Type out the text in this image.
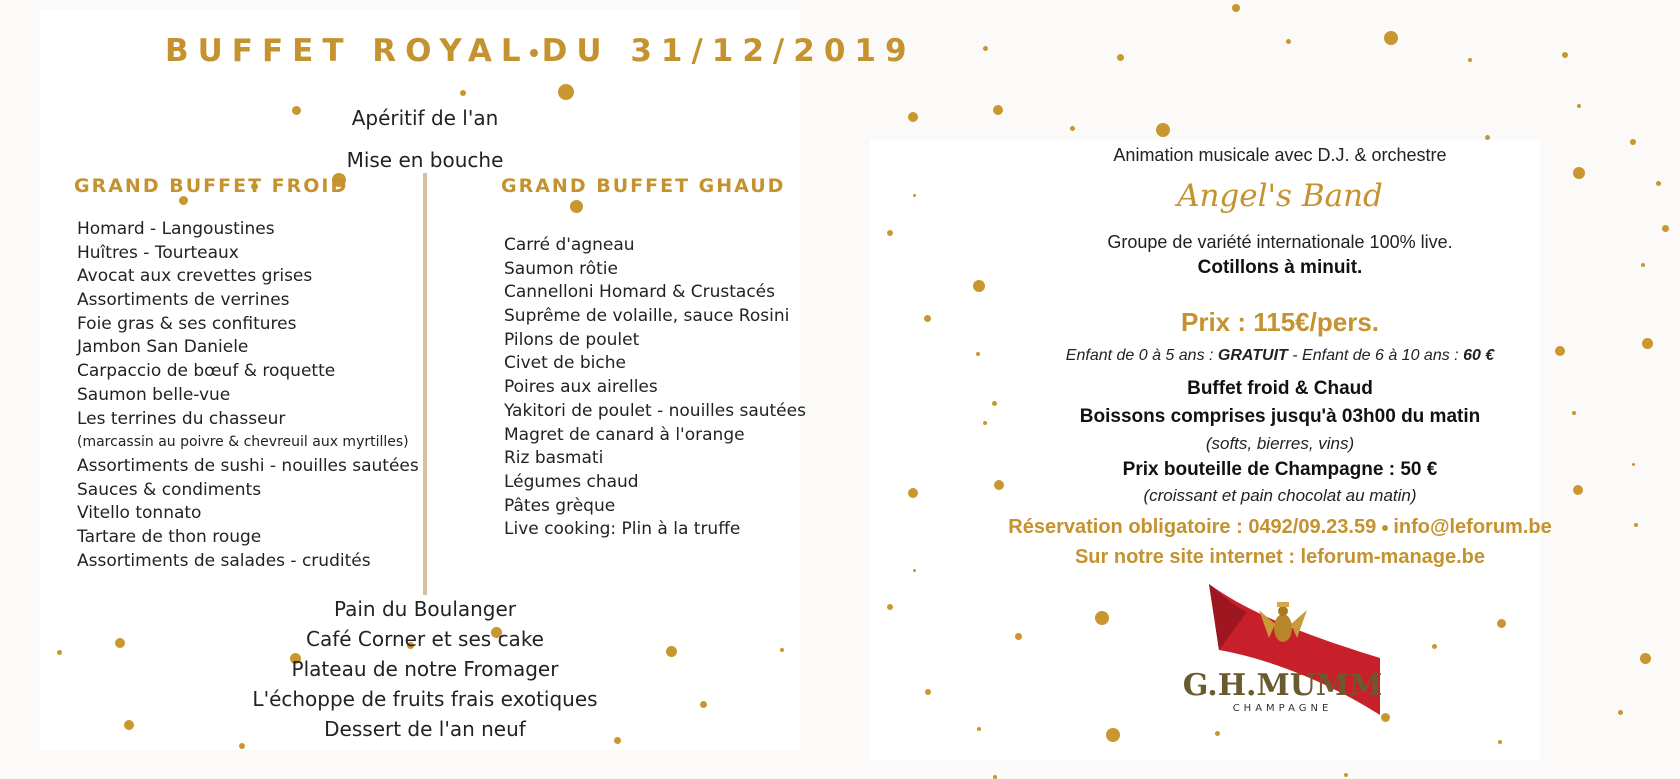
BUFFET ROYAL DU 31/12/2019
Apéritif de l'an
Mise en bouche
GRAND BUFFET FROID	GRAND BUFFET GHAUD
Homard - Langoustines
Huîtres - Tourteaux
Avocat aux crevettes grises
Assortiments de verrines
Foie gras & ses confitures
Jambon San Daniele
Carpaccio de bœuf & roquette
Saumon belle-vue
Les terrines du chasseur
(marcassin au poivre & chevreuil aux myrtilles)
Assortiments de sushi - nouilles sautées
Sauces & condiments
Vitello tonnato
Tartare de thon rouge
Assortiments de salades - crudités
Carré d'agneau
Saumon rôtie
Cannelloni Homard & Crustacés
Suprême de volaille, sauce Rosini
Pilons de poulet
Civet de biche
Poires aux airelles
Yakitori de poulet - nouilles sautées
Magret de canard à l'orange
Riz basmati
Légumes chaud
Pâtes grèque
Live cooking: Plin à la truffe
Pain du Boulanger
Café Corner et ses cake
Plateau de notre Fromager
L'échoppe de fruits frais exotiques
Dessert de l'an neuf
Animation musicale avec D.J. & orchestre
Angel's Band
Groupe de variété internationale 100% live.
Cotillons à minuit.
Prix : 115€/pers.
Enfant de 0 à 5 ans : GRATUIT - Enfant de 6 à 10 ans : 60 €
Buffet froid & Chaud
Boissons comprises jusqu'à 03h00 du matin
(softs, bierres, vins)
Prix bouteille de Champagne : 50 €
(croissant et pain chocolat au matin)
Réservation obligatoire : 0492/09.23.59 info@leforum.be
Sur notre site internet : leforum-manage.be
G.H.MUMM
CHAMPAGNE
